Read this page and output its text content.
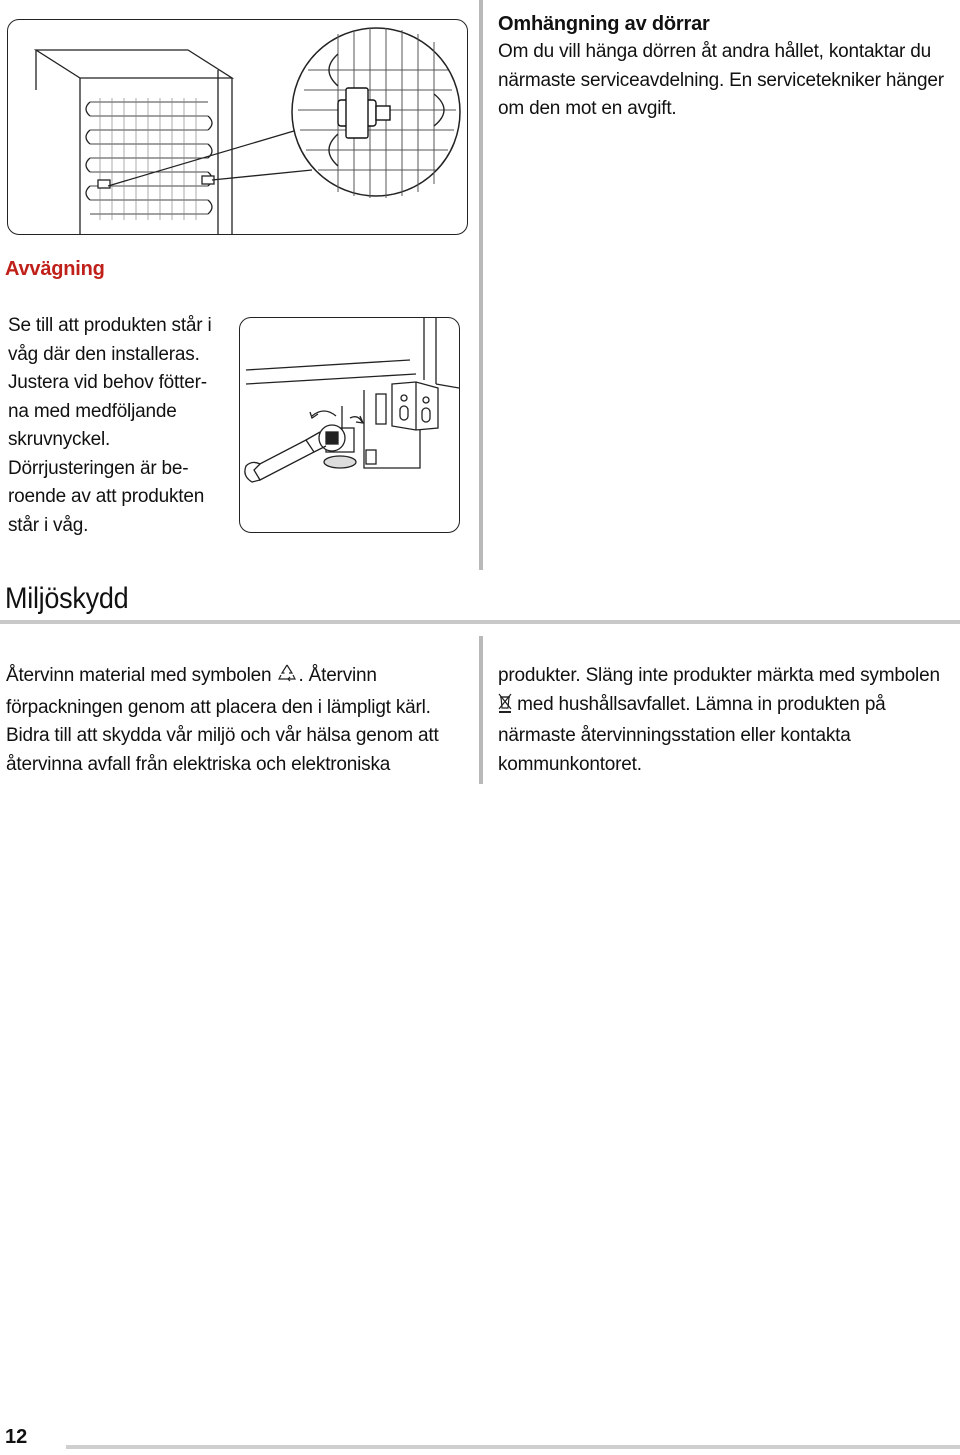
Omhängning av dörrar
Om du vill hänga dörren åt andra hållet, kontaktar du
närmaste serviceavdelning. En servicetekniker hänger
om den mot en avgift.
Avvägning
Se till att produkten står i
våg där den installeras.
Justera vid behov fötter-
na med medföljande
skruvnyckel.
Dörrjusteringen är be-
roende av att produkten
står i våg.
Miljöskydd
Återvinn material med symbolen . Återvinn
förpackningen genom att placera den i lämpligt kärl.
Bidra till att skydda vår miljö och vår hälsa genom att
återvinna avfall från elektriska och elektroniska
produkter. Släng inte produkter märkta med symbolen
med hushållsavfallet. Lämna in produkten på
närmaste återvinningsstation eller kontakta
kommunkontoret.
12
